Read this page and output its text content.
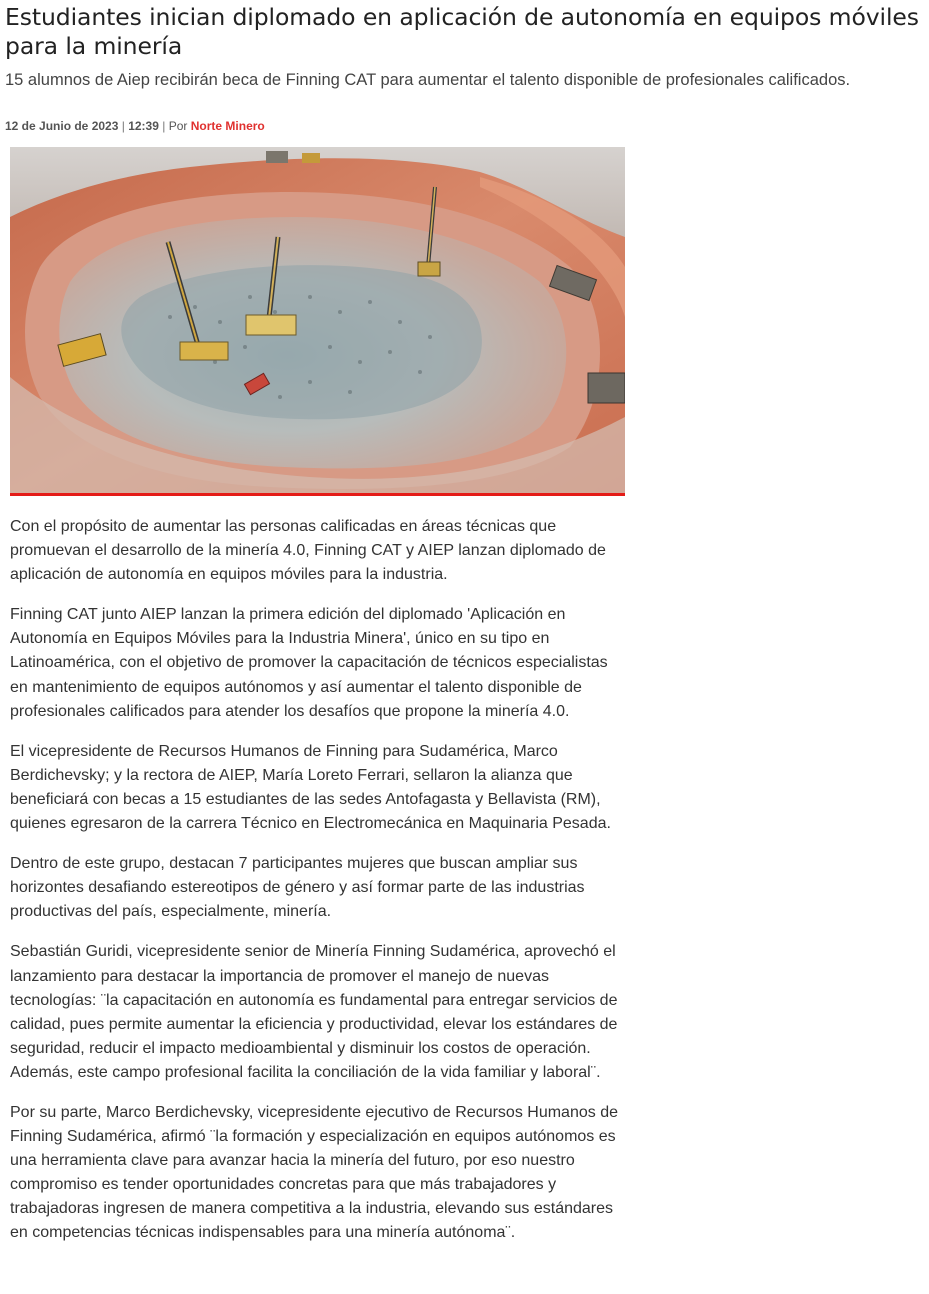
Estudiantes inician diplomado en aplicación de autonomía en equipos móviles para la minería

15 alumnos de Aiep recibirán beca de Finning CAT para aumentar el talento disponible de profesionales calificados.

12 de Junio de 2023 | 12:39 | Por Norte Minero

Con el propósito de aumentar las personas calificadas en áreas técnicas que promuevan el desarrollo de la minería 4.0, Finning CAT y AIEP lanzan diplomado de aplicación de autonomía en equipos móviles para la industria.

Finning CAT junto AIEP lanzan la primera edición del diplomado 'Aplicación en Autonomía en Equipos Móviles para la Industria Minera', único en su tipo en Latinoamérica, con el objetivo de promover la capacitación de técnicos especialistas en mantenimiento de equipos autónomos y así aumentar el talento disponible de profesionales calificados para atender los desafíos que propone la minería 4.0.

El vicepresidente de Recursos Humanos de Finning para Sudamérica, Marco Berdichevsky; y la rectora de AIEP, María Loreto Ferrari, sellaron la alianza que beneficiará con becas a 15 estudiantes de las sedes Antofagasta y Bellavista (RM), quienes egresaron de la carrera Técnico en Electromecánica en Maquinaria Pesada.

Dentro de este grupo, destacan 7 participantes mujeres que buscan ampliar sus horizontes desafiando estereotipos de género y así formar parte de las industrias productivas del país, especialmente, minería.

Sebastián Guridi, vicepresidente senior de Minería Finning Sudamérica, aprovechó el lanzamiento para destacar la importancia de promover el manejo de nuevas tecnologías: ¨la capacitación en autonomía es fundamental para entregar servicios de calidad, pues permite aumentar la eficiencia y productividad, elevar los estándares de seguridad, reducir el impacto medioambiental y disminuir los costos de operación. Además, este campo profesional facilita la conciliación de la vida familiar y laboral¨.

Por su parte, Marco Berdichevsky, vicepresidente ejecutivo de Recursos Humanos de Finning Sudamérica, afirmó ¨la formación y especialización en equipos autónomos es una herramienta clave para avanzar hacia la minería del futuro, por eso nuestro compromiso es tender oportunidades concretas para que más trabajadores y trabajadoras ingresen de manera competitiva a la industria, elevando sus estándares en competencias técnicas indispensables para una minería autónoma¨.
